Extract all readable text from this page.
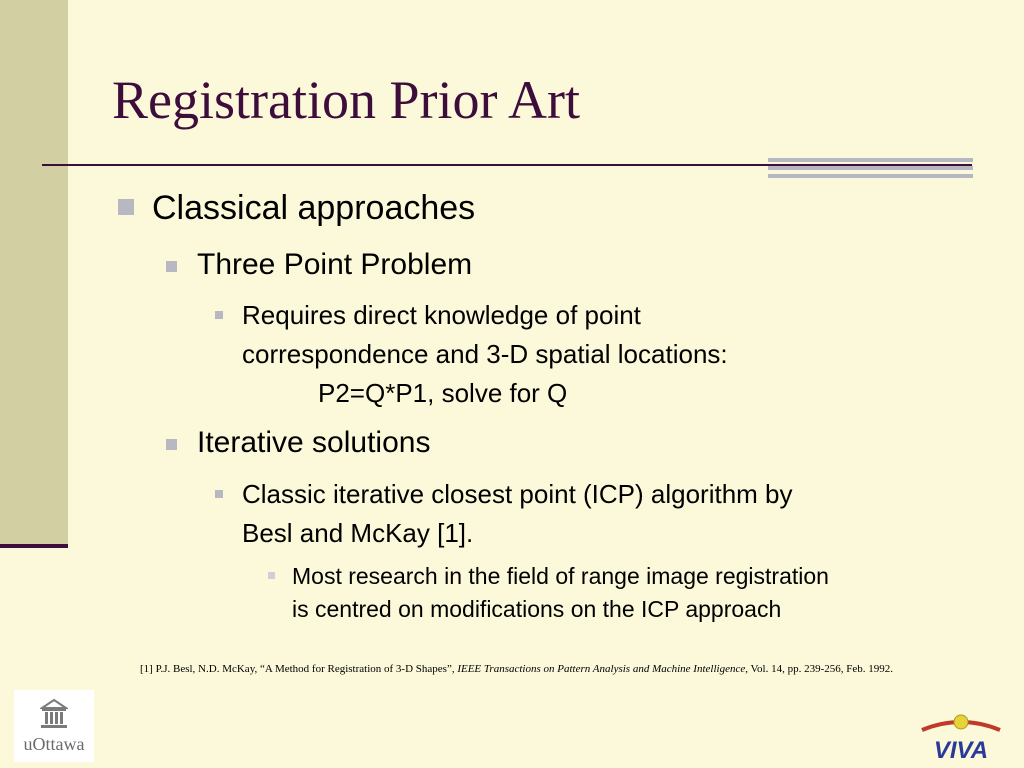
Registration Prior Art
Classical approaches
Three Point Problem
Requires direct knowledge of point
correspondence and 3-D spatial locations:
P2=Q*P1, solve for Q
Iterative solutions
Classic iterative closest point (ICP) algorithm by
Besl and McKay [1].
Most research in the field of range image registration
is centred on modifications on the ICP approach

[1] P.J. Besl, N.D. McKay, “A Method for Registration of 3-D Shapes”, IEEE Transactions on Pattern Analysis and Machine Intelligence, Vol. 14, pp. 239-256, Feb. 1992.

uOttawa	VIVA
